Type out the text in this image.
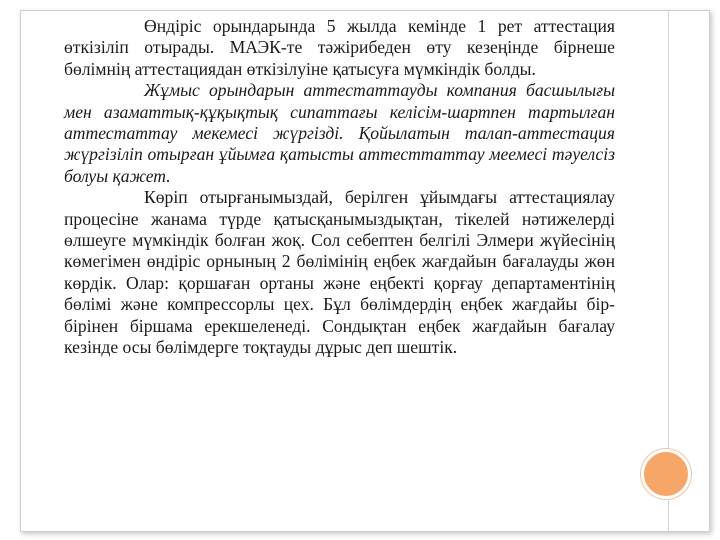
Өндіріс орындарында 5 жылда кемінде 1 рет аттестация өткізіліп отырады. МАЭК-те тәжірибеден өту кезеңінде бірнеше бөлімнің аттестациядан өткізілуіне қатысуға мүмкіндік болды.

Жұмыс орындарын аттестаттауды компания басшылығы мен азаматтық-құқықтық сипаттағы келісім-шартпен тартылған аттестаттау мекемесі жүргізді. Қойылатын талап-аттестация жүргізіліп отырған ұйымға қатысты аттесттаттау меемесі тәуелсіз болуы қажет.

Көріп отырғанымыздай, берілген ұйымдағы аттестациялау процесіне жанама түрде қатысқанымыздықтан, тікелей нәтижелерді өлшеуге мүмкіндік болған жоқ. Сол себептен белгілі Элмери жүйесінің көмегімен өндіріс орнының 2 бөлімінің еңбек жағдайын бағалауды жөн көрдік. Олар: қоршаған ортаны және еңбекті қорғау департаментінің бөлімі және компрессорлы цех. Бұл бөлімдердің еңбек жағдайы бір-бірінен біршама ерекшеленеді. Сондықтан еңбек жағдайын бағалау кезінде осы бөлімдерге тоқтауды дұрыс деп шештік.
